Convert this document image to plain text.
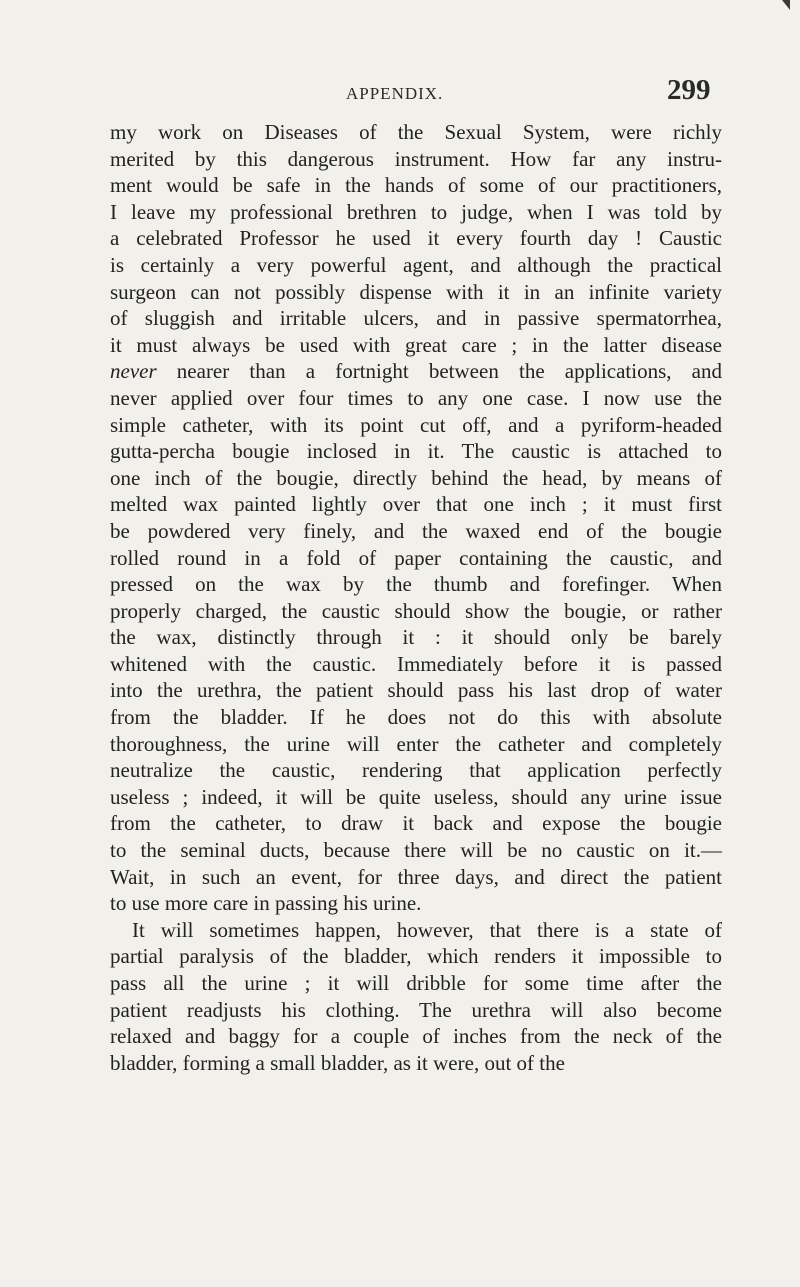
APPENDIX.	299
my work on Diseases of the Sexual System, were richly
merited by this dangerous instrument. How far any instru-
ment would be safe in the hands of some of our practitioners,
I leave my professional brethren to judge, when I was told by
a celebrated Professor he used it every fourth day ! Caustic
is certainly a very powerful agent, and although the practical
surgeon can not possibly dispense with it in an infinite variety
of sluggish and irritable ulcers, and in passive spermatorrhea,
it must always be used with great care ; in the latter disease
never nearer than a fortnight between the applications, and
never applied over four times to any one case. I now use the
simple catheter, with its point cut off, and a pyriform-headed
gutta-percha bougie inclosed in it. The caustic is attached to
one inch of the bougie, directly behind the head, by means of
melted wax painted lightly over that one inch ; it must first
be powdered very finely, and the waxed end of the bougie
rolled round in a fold of paper containing the caustic, and
pressed on the wax by the thumb and forefinger. When
properly charged, the caustic should show the bougie, or rather
the wax, distinctly through it : it should only be barely
whitened with the caustic. Immediately before it is passed
into the urethra, the patient should pass his last drop of water
from the bladder. If he does not do this with absolute
thoroughness, the urine will enter the catheter and completely
neutralize the caustic, rendering that application perfectly
useless ; indeed, it will be quite useless, should any urine issue
from the catheter, to draw it back and expose the bougie
to the seminal ducts, because there will be no caustic on it.—
Wait, in such an event, for three days, and direct the patient
to use more care in passing his urine.
It will sometimes happen, however, that there is a state of
partial paralysis of the bladder, which renders it impossible to
pass all the urine ; it will dribble for some time after the
patient readjusts his clothing. The urethra will also become
relaxed and baggy for a couple of inches from the neck of the
bladder, forming a small bladder, as it were, out of the
